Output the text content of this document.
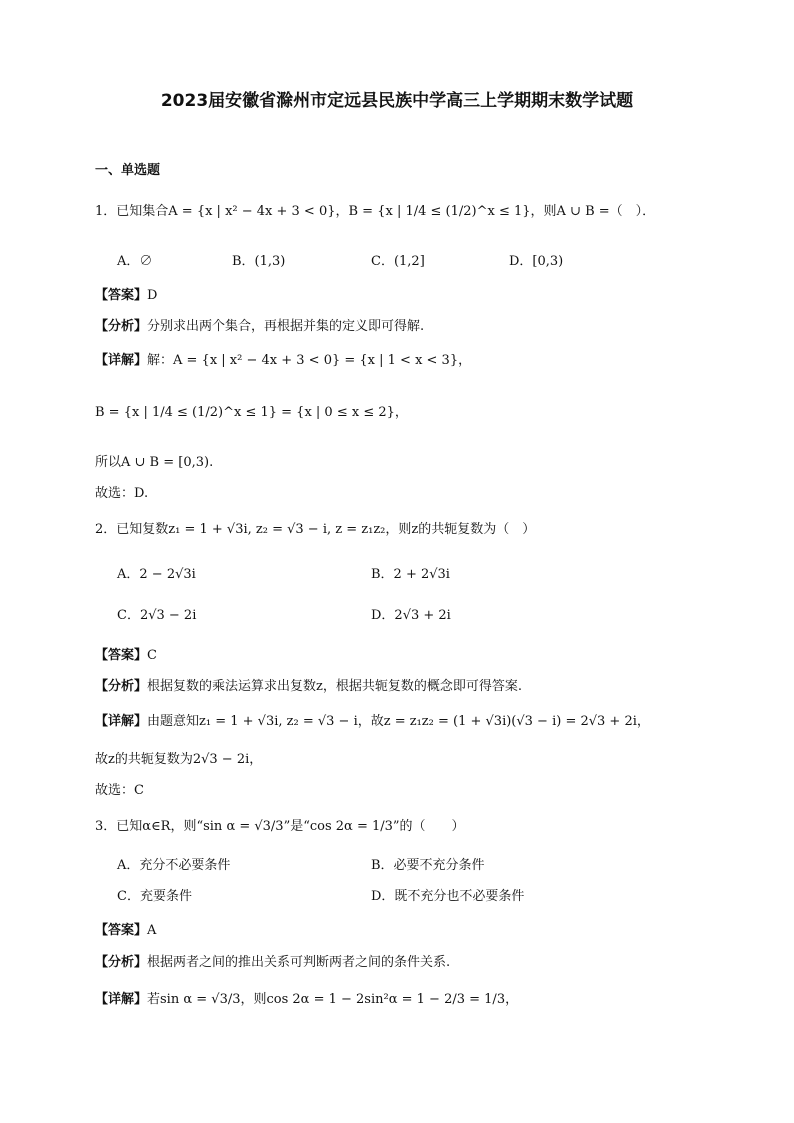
2023届安徽省滁州市定远县民族中学高三上学期期末数学试题
一、单选题
1．已知集合A = {x | x² − 4x + 3 < 0}，B = {x | 1/4 ≤ (1/2)^x ≤ 1}，则A ∪ B =（　）．
A．∅	B．(1,3)	C．(1,2]	D．[0,3)
【答案】D
【分析】分别求出两个集合，再根据并集的定义即可得解.
【详解】解：A = {x | x² − 4x + 3 < 0} = {x | 1 < x < 3}，
B = {x | 1/4 ≤ (1/2)^x ≤ 1} = {x | 0 ≤ x ≤ 2}，
所以A ∪ B = [0,3).
故选：D.
2．已知复数z₁ = 1 + √3i, z₂ = √3 − i, z = z₁z₂，则z的共轭复数为（　）
A．2 − 2√3i	B．2 + 2√3i
C．2√3 − 2i	D．2√3 + 2i
【答案】C
【分析】根据复数的乘法运算求出复数z，根据共轭复数的概念即可得答案.
【详解】由题意知z₁ = 1 + √3i, z₂ = √3 − i，故z = z₁z₂ = (1 + √3i)(√3 − i) = 2√3 + 2i，
故z的共轭复数为2√3 − 2i，
故选：C
3．已知α∈R，则“sin α = √3/3”是“cos 2α = 1/3”的（　　）
A．充分不必要条件	B．必要不充分条件
C．充要条件	D．既不充分也不必要条件
【答案】A
【分析】根据两者之间的推出关系可判断两者之间的条件关系.
【详解】若sin α = √3/3，则cos 2α = 1 − 2sin²α = 1 − 2/3 = 1/3，
